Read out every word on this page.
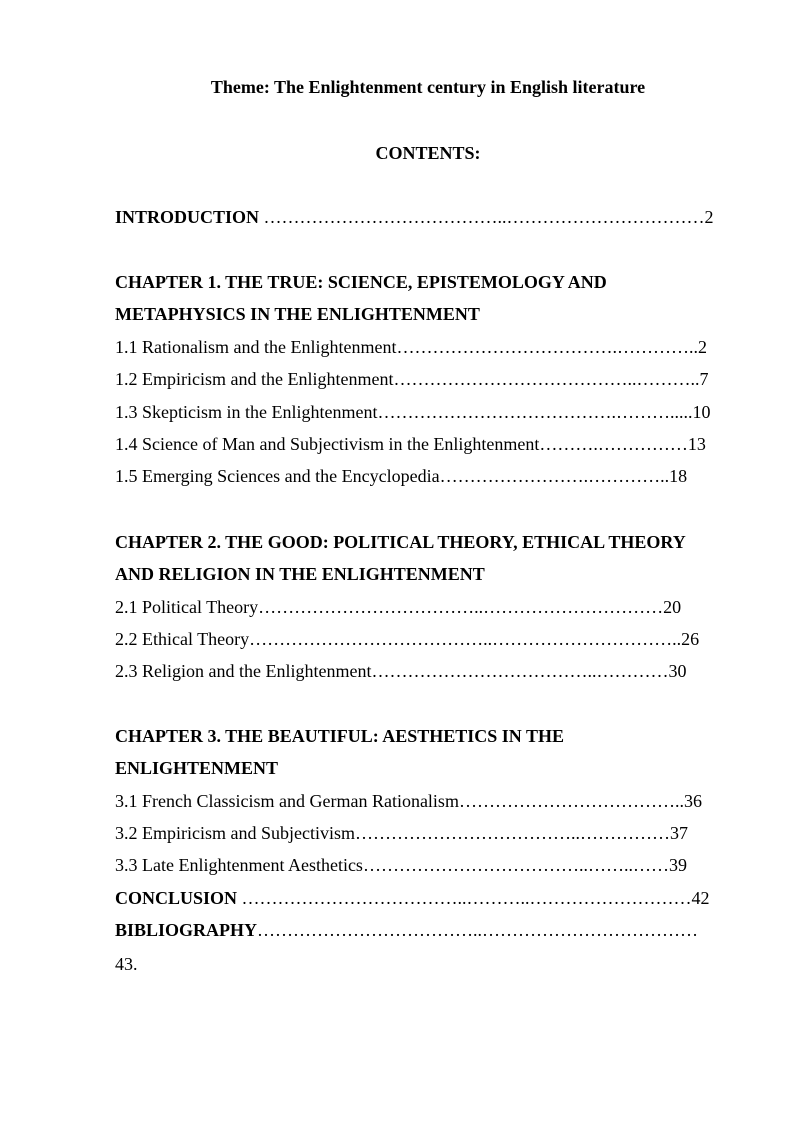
Theme: The Enlightenment century in English literature
CONTENTS:
INTRODUCTION …………………………………..……………………………2
CHAPTER 1. THE TRUE: SCIENCE, EPISTEMOLOGY AND
METAPHYSICS IN THE ENLIGHTENMENT
1.1 Rationalism and the Enlightenment……………………………….…………..2
1.2 Empiricism and the Enlightenment…………………………………..………..7
1.3 Skepticism in the Enlightenment………………………………….……….....10
1.4 Science of Man and Subjectivism in the Enlightenment……….……………13
1.5 Emerging Sciences and the Encyclopedia…………………….…………..18
CHAPTER 2. THE GOOD: POLITICAL THEORY, ETHICAL THEORY
AND RELIGION IN THE ENLIGHTENMENT
2.1 Political Theory………………………………..…………………………20
2.2 Ethical Theory…………………………………..…………………………..26
2.3 Religion and the Enlightenment………………………………..…………30
CHAPTER 3. THE BEAUTIFUL: AESTHETICS IN THE
ENLIGHTENMENT
3.1 French Classicism and German Rationalism………………………………..36
3.2 Empiricism and Subjectivism………………………………..……………37
3.3 Late Enlightenment Aesthetics………………………………..……..……39
CONCLUSION ………………………………..………..………………………42
BIBLIOGRAPHY………………………………..………………………………
43.
